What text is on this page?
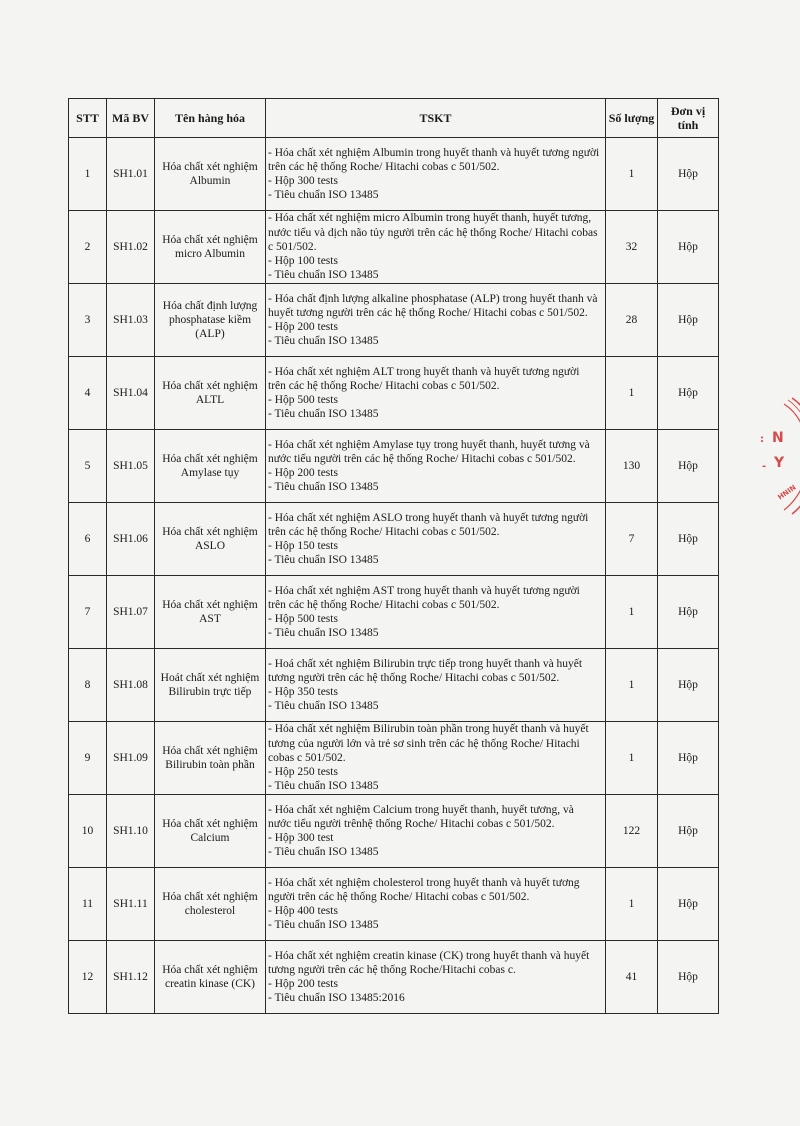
STT	Mã BV	Tên hàng hóa	TSKT	Số lượng	Đơn vị
tính
1	SH1.01	Hóa chất xét nghiệm
Albumin	- Hóa chất xét nghiệm Albumin trong huyết thanh và huyết tương người
trên các hệ thống Roche/ Hitachi cobas c 501/502.
- Hộp 300 tests
- Tiêu chuẩn ISO 13485	1	Hộp
2	SH1.02	Hóa chất xét nghiệm
micro Albumin	- Hóa chất xét nghiệm micro Albumin trong huyết thanh, huyết tương,
nước tiểu và dịch não tủy người trên các hệ thống Roche/ Hitachi cobas
c 501/502.
- Hộp 100 tests
- Tiêu chuẩn ISO 13485	32	Hộp
3	SH1.03	Hóa chất định lượng
phosphatase kiềm
(ALP)	- Hóa chất định lượng alkaline phosphatase (ALP) trong huyết thanh và
huyết tương người trên các hệ thống Roche/ Hitachi cobas c 501/502.
- Hộp 200 tests
- Tiêu chuẩn ISO 13485	28	Hộp
4	SH1.04	Hóa chất xét nghiệm
ALTL	- Hóa chất xét nghiệm ALT trong huyết thanh và huyết tương người
trên các hệ thống Roche/ Hitachi cobas c 501/502.
- Hộp 500 tests
- Tiêu chuẩn ISO 13485	1	Hộp
5	SH1.05	Hóa chất xét nghiệm
Amylase tụy	- Hóa chất xét nghiệm Amylase tụy trong huyết thanh, huyết tương và
nước tiểu người trên các hệ thống Roche/ Hitachi cobas c 501/502.
- Hộp 200 tests
- Tiêu chuẩn ISO 13485	130	Hộp
6	SH1.06	Hóa chất xét nghiệm
ASLO	- Hóa chất xét nghiệm ASLO trong huyết thanh và huyết tương người
trên các hệ thống Roche/ Hitachi cobas c 501/502.
- Hộp 150 tests
- Tiêu chuẩn ISO 13485	7	Hộp
7	SH1.07	Hóa chất xét nghiệm
AST	- Hóa chất xét nghiệm AST trong huyết thanh và huyết tương người
trên các hệ thống Roche/ Hitachi cobas c 501/502.
- Hộp 500 tests
- Tiêu chuẩn ISO 13485	1	Hộp
8	SH1.08	Hoát chất xét nghiệm
Bilirubin trực tiếp	- Hoá chất xét nghiệm Bilirubin trực tiếp trong huyết thanh và huyết
tương người trên các hệ thống Roche/ Hitachi cobas c 501/502.
- Hộp 350 tests
- Tiêu chuẩn ISO 13485	1	Hộp
9	SH1.09	Hóa chất xét nghiệm
Bilirubin toàn phần	- Hóa chất xét nghiệm Bilirubin toàn phần trong huyết thanh và huyết
tương của người lớn và trẻ sơ sinh trên các hệ thống Roche/ Hitachi
cobas c 501/502.
- Hộp 250 tests
- Tiêu chuẩn ISO 13485	1	Hộp
10	SH1.10	Hóa chất xét nghiệm
Calcium	- Hóa chất xét nghiệm Calcium trong huyết thanh, huyết tương, và
nước tiểu người trênhệ thống Roche/ Hitachi cobas c 501/502.
- Hộp 300 test
- Tiêu chuẩn ISO 13485	122	Hộp
11	SH1.11	Hóa chất xét nghiệm
cholesterol	- Hóa chất xét nghiệm cholesterol trong huyết thanh và huyết tương
người trên các hệ thống Roche/ Hitachi cobas c 501/502.
- Hộp 400 tests
- Tiêu chuẩn ISO 13485	1	Hộp
12	SH1.12	Hóa chất xét nghiệm
creatin kinase (CK)	- Hóa chất xét nghiệm creatin kinase (CK) trong huyết thanh và huyết
tương người trên các hệ thống Roche/Hitachi cobas c.
- Hộp 200 tests
- Tiêu chuẩn ISO 13485:2016	41	Hộp
N
Y
HNIN
:
-
